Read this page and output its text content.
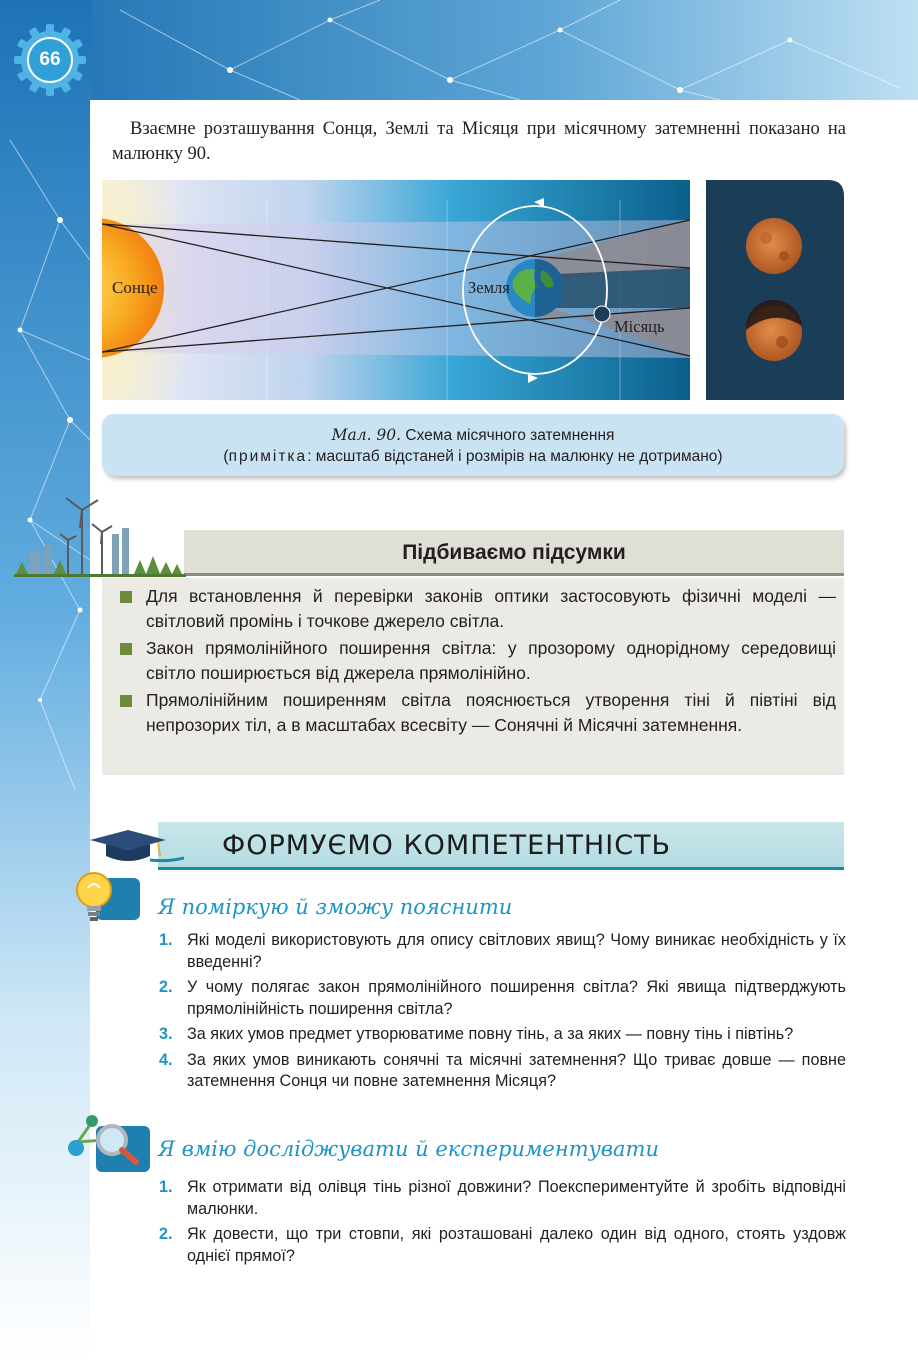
66

Взаємне розташування Сонця, Землі та Місяця при місячному затемненні показано на малюнку 90.

Сонце	Земля
Місяць
Мал. 90. Схема місячного затемнення
(примітка: масштаб відстаней і розмірів на малюнку не дотримано)
Підбиваємо підсумки
Для встановлення й перевірки законів оптики застосовують фізичні моделі — світловий промінь і точкове джерело світла.
Закон прямолінійного поширення світла: у прозорому однорідному середовищі світло поширюється від джерела прямолінійно.
Прямолінійним поширенням світла пояснюється утворення тіні й півтіні від непрозорих тіл, а в масштабах всесвіту — Сонячні й Місячні затемнення.
ФОРМУЄМО КОМПЕТЕНТНІСТЬ
Я поміркую й зможу пояснити
1. Які моделі використовують для опису світлових явищ? Чому виникає необхідність у їх введенні?
2. У чому полягає закон прямолінійного поширення світла? Які явища підтверджують прямолінійність поширення світла?
3. За яких умов предмет утворюватиме повну тінь, а за яких — повну тінь і півтінь?
4. За яких умов виникають сонячні та місячні затемнення? Що триває довше — повне затемнення Сонця чи повне затемнення Місяця?
Я вмію досліджувати й експериментувати
1. Як отримати від олівця тінь різної довжини? Поекспериментуйте й зробіть відповідні малюнки.
2. Як довести, що три стовпи, які розташовані далеко один від одного, стоять уздовж однієї прямої?
